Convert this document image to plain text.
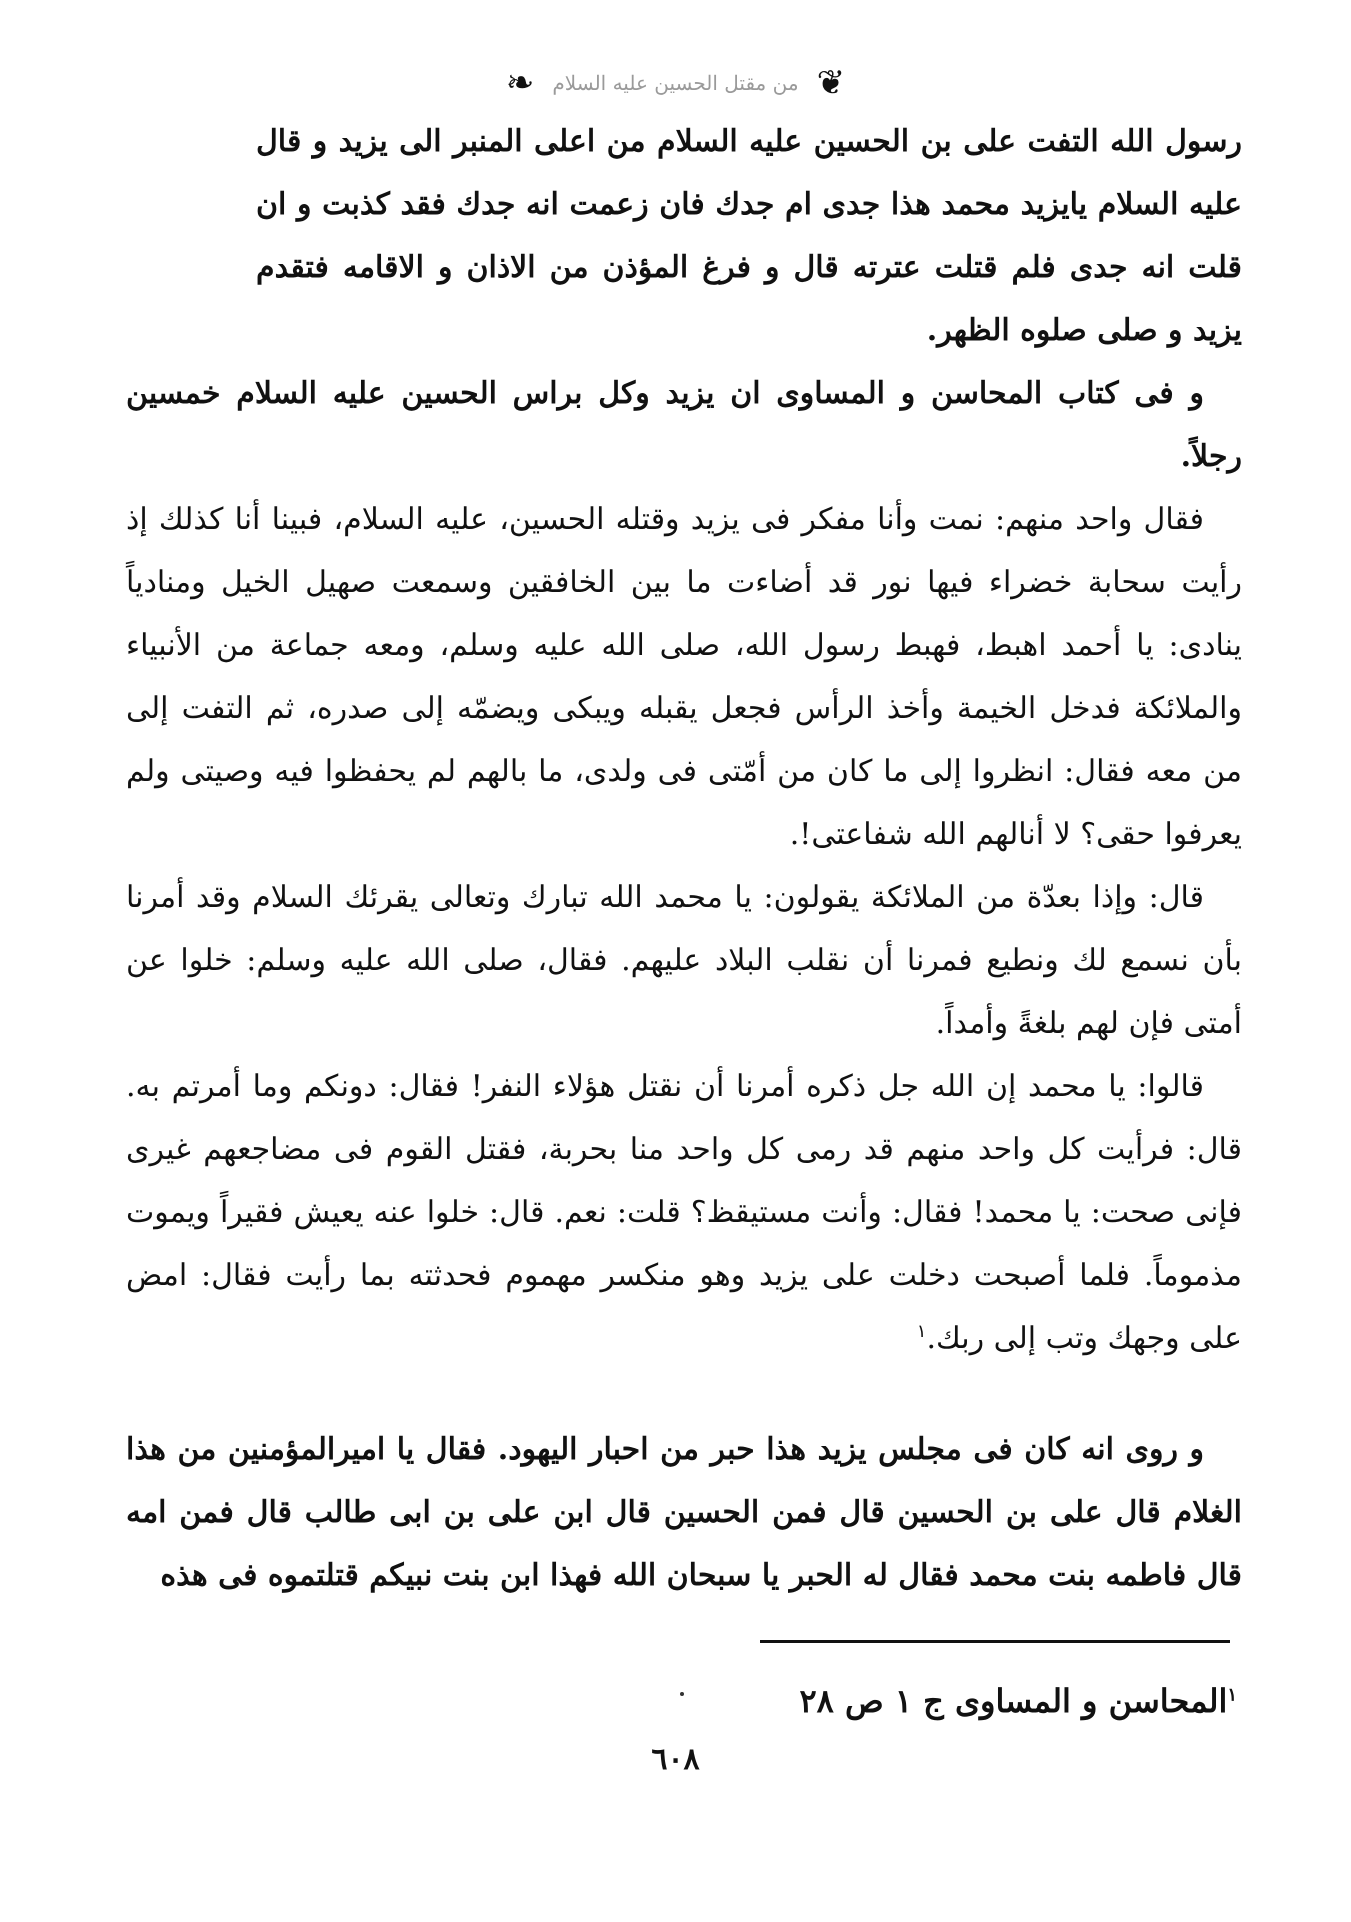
❧ من مقتل الحسين عليه السلام ❦

رسول الله التفت على بن الحسين عليه السلام من اعلى المنبر الى يزيد و قال عليه السلام يايزيد محمد هذا جدى ام جدك فان زعمت انه جدك فقد كذبت و ان قلت انه جدى فلم قتلت عترته قال و فرغ المؤذن من الاذان و الاقامه فتقدم يزيد و صلى صلوه الظهر.

و فى كتاب المحاسن و المساوى ان يزيد وكل براس الحسين عليه السلام خمسين رجلاً.

فقال واحد منهم: نمت وأنا مفكر فى يزيد وقتله الحسين، عليه السلام، فبينا أنا كذلك إذ رأيت سحابة خضراء فيها نور قد أضاءت ما بين الخافقين وسمعت صهيل الخيل ومنادياً ينادى: يا أحمد اهبط، فهبط رسول الله، صلى الله عليه وسلم، ومعه جماعة من الأنبياء والملائكة فدخل الخيمة وأخذ الرأس فجعل يقبله ويبكى ويضمّه إلى صدره، ثم التفت إلى من معه فقال: انظروا إلى ما كان من أمّتى فى ولدى، ما بالهم لم يحفظوا فيه وصيتى ولم يعرفوا حقى؟ لا أنالهم الله شفاعتى!.

قال: وإذا بعدّة من الملائكة يقولون: يا محمد الله تبارك وتعالى يقرئك السلام وقد أمرنا بأن نسمع لك ونطيع فمرنا أن نقلب البلاد عليهم. فقال، صلى الله عليه وسلم: خلوا عن أمتى فإن لهم بلغةً وأمداً.

قالوا: يا محمد إن الله جل ذكره أمرنا أن نقتل هؤلاء النفر! فقال: دونكم وما أمرتم به. قال: فرأيت كل واحد منهم قد رمى كل واحد منا بحربة، فقتل القوم فى مضاجعهم غيرى فإنى صحت: يا محمد! فقال: وأنت مستيقظ؟ قلت: نعم. قال: خلوا عنه يعيش فقيراً ويموت مذموماً. فلما أصبحت دخلت على يزيد وهو منكسر مهموم فحدثته بما رأيت فقال: امض على وجهك وتب إلى ربك.$^١$

و روى انه كان فى مجلس يزيد هذا حبر من احبار اليهود. فقال يا اميرالمؤمنين من هذا الغلام قال على بن الحسين قال فمن الحسين قال ابن على بن ابى طالب قال فمن امه قال فاطمه بنت محمد فقال له الحبر يا سبحان الله فهذا ابن بنت نبيكم قتلتموه فى هذه

$^١$المحاسن و المساوى ج ١ ص ٢٨
٦٠٨
